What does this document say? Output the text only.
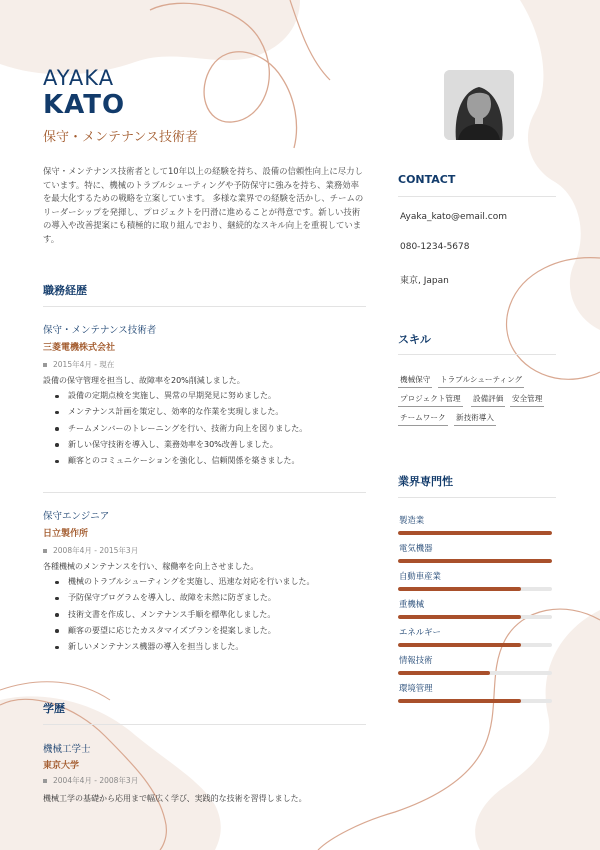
AYAKA
KATO
保守・メンテナンス技術者
保守・メンテナンス技術者として10年以上の経験を持ち、設備の信頼性向上に尽力しています。特に、機械のトラブルシューティングや予防保守に強みを持ち、業務効率を最大化するための戦略を立案しています。 多様な業界での経験を活かし、チームのリーダーシップを発揮し、プロジェクトを円滑に進めることが得意です。新しい技術の導入や改善提案にも積極的に取り組んでおり、継続的なスキル向上を重視しています。
職務経歴
保守・メンテナンス技術者
三菱電機株式会社
2015年4月 - 現在
設備の保守管理を担当し、故障率を20%削減しました。
設備の定期点検を実施し、異常の早期発見に努めました。
メンテナンス計画を策定し、効率的な作業を実現しました。
チームメンバーのトレーニングを行い、技術力向上を図りました。
新しい保守技術を導入し、業務効率を30%改善しました。
顧客とのコミュニケーションを強化し、信頼関係を築きました。
保守エンジニア
日立製作所
2008年4月 - 2015年3月
各種機械のメンテナンスを行い、稼働率を向上させました。
機械のトラブルシューティングを実施し、迅速な対応を行いました。
予防保守プログラムを導入し、故障を未然に防ぎました。
技術文書を作成し、メンテナンス手順を標準化しました。
顧客の要望に応じたカスタマイズプランを提案しました。
新しいメンテナンス機器の導入を担当しました。
学歴
機械工学士
東京大学
2004年4月 - 2008年3月
機械工学の基礎から応用まで幅広く学び、実践的な技術を習得しました。
CONTACT
Ayaka_kato@email.com
080-1234-5678
東京, Japan
スキル
機械保守 トラブルシューティング
プロジェクト管理 設備評価 安全管理
チームワーク 新技術導入
業界専門性
製造業
電気機器
自動車産業
重機械
エネルギー
情報技術
環境管理
